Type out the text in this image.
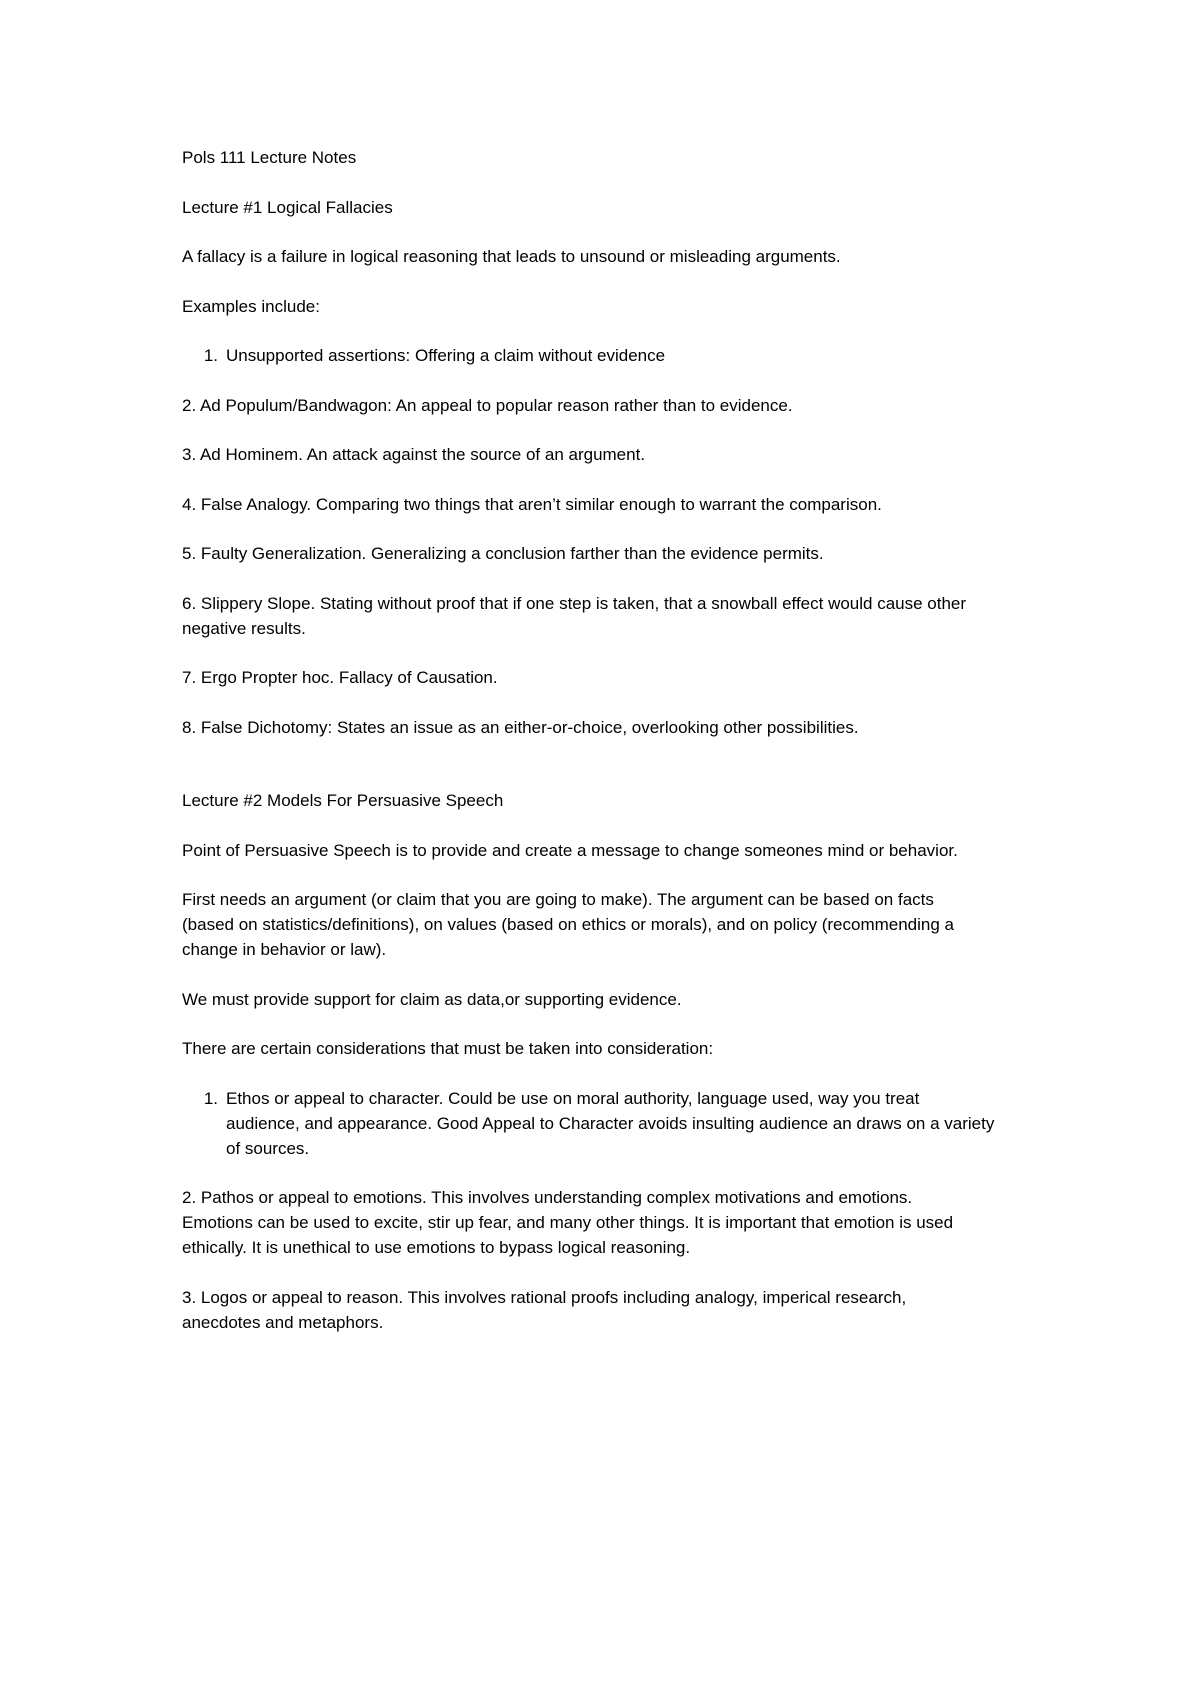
Pols 111 Lecture Notes

Lecture #1 Logical Fallacies

A fallacy is a failure in logical reasoning that leads to unsound or misleading arguments.

Examples include:

1. Unsupported assertions: Offering a claim without evidence

2. Ad Populum/Bandwagon: An appeal to popular reason rather than to evidence.

3. Ad Hominem. An attack against the source of an argument.

4. False Analogy. Comparing two things that aren’t similar enough to warrant the comparison.

5. Faulty Generalization. Generalizing a conclusion farther than the evidence permits.

6. Slippery Slope. Stating without proof that if one step is taken, that a snowball effect would cause other negative results.

7. Ergo Propter hoc. Fallacy of Causation.

8. False Dichotomy: States an issue as an either-or-choice, overlooking other possibilities.

Lecture #2 Models For Persuasive Speech

Point of Persuasive Speech is to provide and create a message to change someones mind or behavior.

First needs an argument (or claim that you are going to make). The argument can be based on facts (based on statistics/definitions), on values (based on ethics or morals), and on policy (recommending a change in behavior or law).

We must provide support for claim as data,or supporting evidence.

There are certain considerations that must be taken into consideration:

1. Ethos or appeal to character. Could be use on moral authority, language used, way you treat audience, and appearance. Good Appeal to Character avoids insulting audience an draws on a variety of sources.

2. Pathos or appeal to emotions. This involves understanding complex motivations and emotions. Emotions can be used to excite, stir up fear, and many other things. It is important that emotion is used ethically. It is unethical to use emotions to bypass logical reasoning.

3. Logos or appeal to reason. This involves rational proofs including analogy, imperical research, anecdotes and metaphors.
